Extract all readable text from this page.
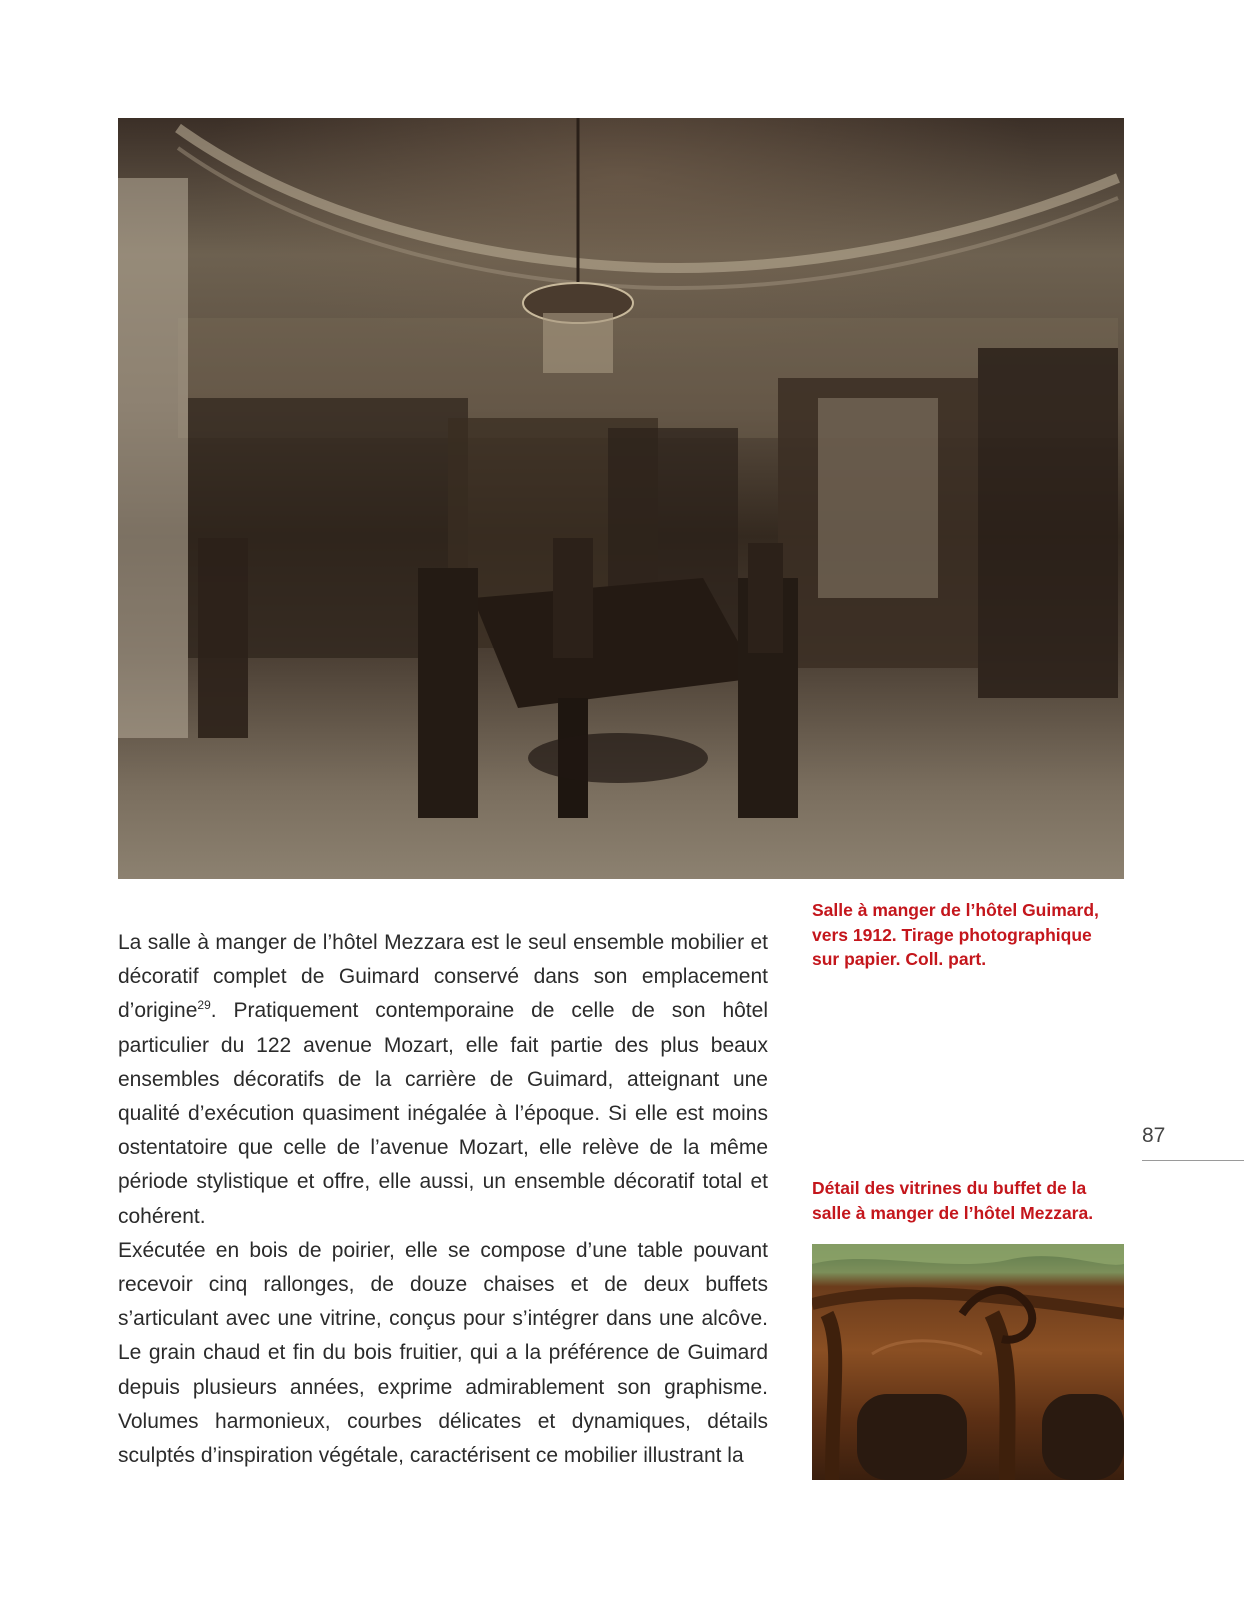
Salle à manger de l’hôtel Guimard, vers 1912. Tirage photographique sur papier. Coll. part.

La salle à manger de l’hôtel Mezzara est le seul ensemble mobilier et décoratif complet de Guimard conservé dans son emplacement d’origine$^{29}$. Pratiquement contemporaine de celle de son hôtel particulier du 122 avenue Mozart, elle fait partie des plus beaux ensembles décoratifs de la carrière de Guimard, atteignant une qualité d’exécution quasiment inégalée à l’époque. Si elle est moins ostentatoire que celle de l’avenue Mozart, elle relève de la même période stylistique et offre, elle aussi, un ensemble décoratif total et cohérent.

Exécutée en bois de poirier, elle se compose d’une table pouvant recevoir cinq rallonges, de douze chaises et de deux buffets s’articulant avec une vitrine, conçus pour s’intégrer dans une alcôve. Le grain chaud et fin du bois fruitier, qui a la préférence de Guimard depuis plusieurs années, exprime admirablement son graphisme. Volumes harmonieux, courbes délicates et dynamiques, détails sculptés d’inspiration végétale, caractérisent ce mobilier illustrant la

87
Détail des vitrines du buffet de la salle à manger de l’hôtel Mezzara.
